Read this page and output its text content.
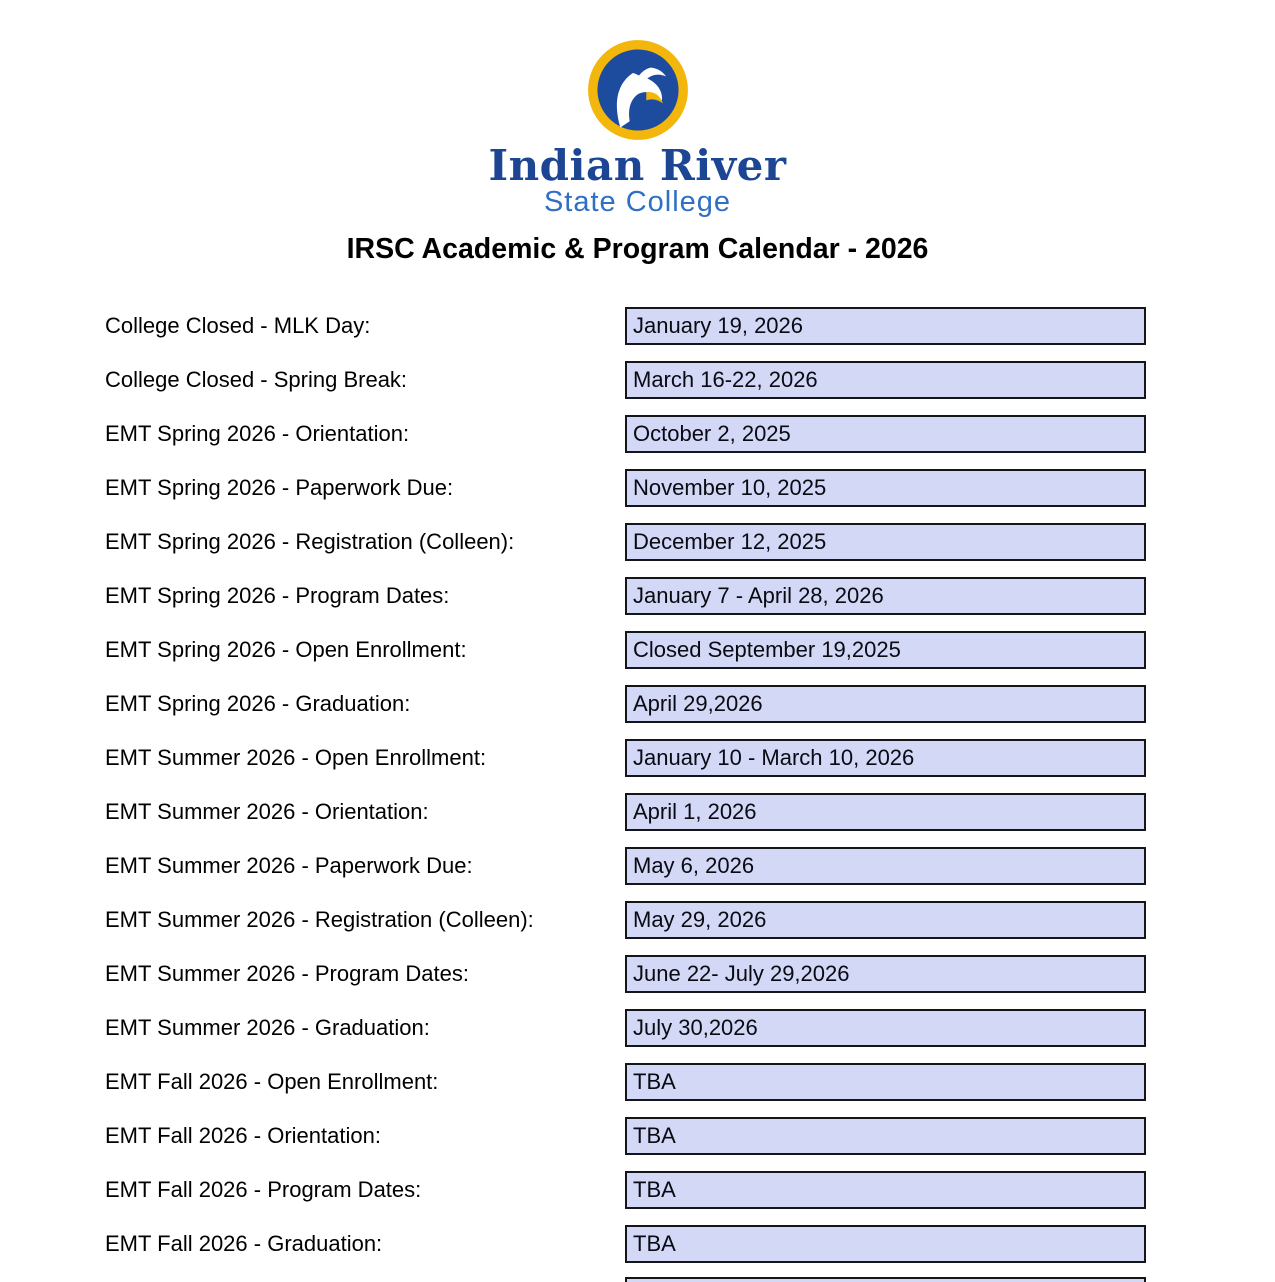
Indian River
State College
IRSC Academic & Program Calendar - 2026
College Closed - MLK Day:	January 19, 2026
College Closed - Spring Break:	March 16-22, 2026
EMT Spring 2026 - Orientation:	October 2, 2025
EMT Spring 2026 - Paperwork Due:	November 10, 2025
EMT Spring 2026 - Registration (Colleen):	December 12, 2025
EMT Spring 2026 - Program Dates:	January 7 - April 28, 2026
EMT Spring 2026 - Open Enrollment:	Closed September 19,2025
EMT Spring 2026 - Graduation:	April 29,2026
EMT Summer 2026 - Open Enrollment:	January 10 - March 10, 2026
EMT Summer 2026 - Orientation:	April 1, 2026
EMT Summer 2026 - Paperwork Due:	May 6, 2026
EMT Summer 2026 - Registration (Colleen):	May 29, 2026
EMT Summer 2026 - Program Dates:	June 22- July 29,2026
EMT Summer 2026 - Graduation:	July 30,2026
EMT Fall 2026 - Open Enrollment:	TBA
EMT Fall 2026 - Orientation:	TBA
EMT Fall 2026 - Program Dates:	TBA
EMT Fall 2026 - Graduation:	TBA
